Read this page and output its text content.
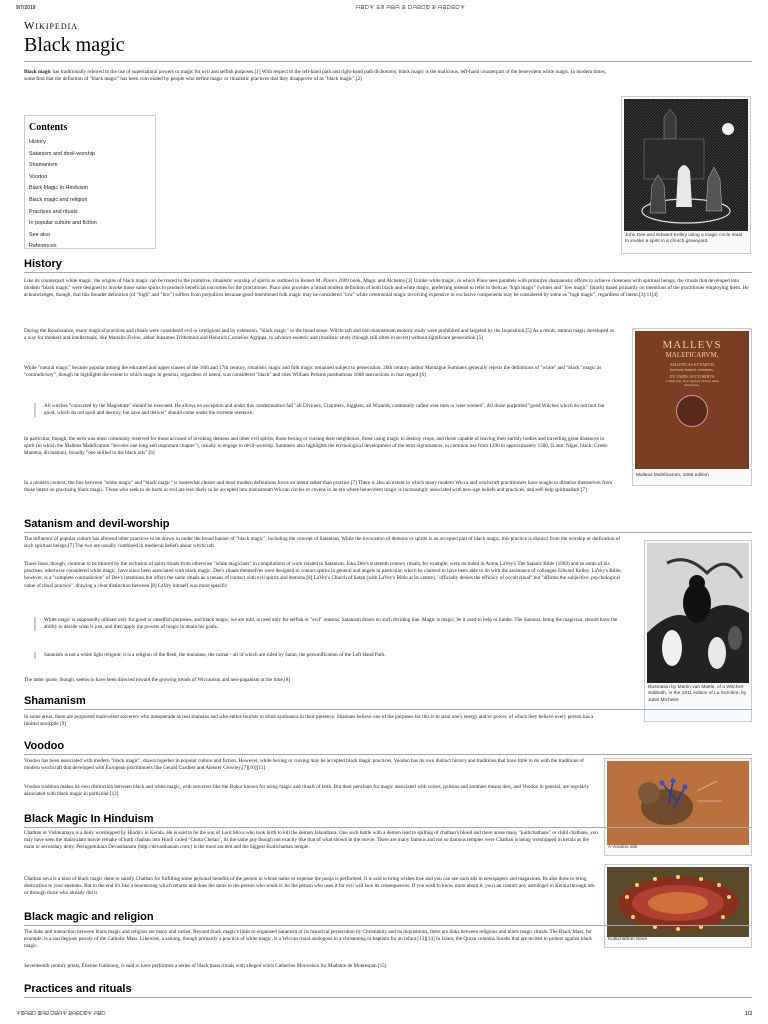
9/7/2019	ᗩᗷᗞᗐ ᗴᗰ ᗩᗷᗩ ᗿ ᗞᗩᗷᗞᗵ ᗿ ᗩᗷᗞᗷᗞᗐ
Wikipedia
Black magic
Black magic has traditionally referred to the use of supernatural powers or magic for evil and selfish purposes.[1] With respect to the left-hand path and right-hand path dichotomy, black magic is the malicious, left-hand counterpart of the benevolent white magic. In modern times, some find that the definition of "black magic" has been convoluted by people who define magic or ritualistic practices that they disapprove of as "black magic".[2]
Contents
History
Satanism and devil-worship
Shamanism
Voodoo
Black Magic In Hinduism
Black magic and religion
Practices and rituals
In popular culture and fiction
See also
References
John Dee and Edward Kelley using a magic circle ritual to invoke a spirit in a church graveyard.
History
Like its counterpart white magic, the origins of black magic can be traced to the primitive, ritualistic worship of spirits as outlined in Robert M. Place's 2009 book, Magic and Alchemy.[3] Unlike white magic, in which Place sees parallels with primitive shamanistic efforts to achieve closeness with spiritual beings, the rituals that developed into modern "black magic" were designed to invoke those same spirits to produce beneficial outcomes for the practitioner. Place also provides a broad modern definition of both black and white magic, preferring instead to refer to them as "high magic" (white) and "low magic" (black) based primarily on intentions of the practitioner employing them. He acknowledges, though, that this broader definition (of "high" and "low") suffers from prejudices because good-intentioned folk magic may be considered "low" while ceremonial magic involving expensive or exclusive components may be considered by some as "high magic", regardless of intent.[3]:11[4]
During the Renaissance, many magical practices and rituals were considered evil or irreligious and by extension, "black magic" in the broad sense. Witchcraft and non-mainstream esoteric study were prohibited and targeted by the Inquisition.[5] As a result, natural magic developed as a way for thinkers and intellectuals, like Marsilio Ficino, abbot Johannes Trithemius and Heinrich Cornelius Agrippa, to advance esoteric and ritualistic study (though still often in secret) without significant persecution.[5]
While "natural magic" became popular among the educated and upper classes of the 16th and 17th century, ritualistic magic and folk magic remained subject to persecution. 20th century author Montague Summers generally rejects the definitions of "white" and "black" magic as "contradictory", though he highlights the extent to which magic in general, regardless of intent, was considered "black" and cites William Perkins posthumous 1608 instructions in that regard:[6]
All witches "convicted by the Magistrate" should be executed. He allows no exception and under this condemnation fall "all Diviners, Charmers, Jugglers, all Wizards, commonly called wise men or wise women". All those purported "good Witches which do not hurt but good, which do not spoil and destroy, but save and deliver" should come under the extreme sentence.
In particular, though, the term was most commonly reserved for those accused of invoking demons and other evil spirits, those hexing or cursing their neighbours, those using magic to destroy crops, and those capable of leaving their earthly bodies and travelling great distances in spirit (to which the Malleus Maleficarum "devotes one long and important chapter"), usually to engage in devil-worship. Summers also highlights the etymological development of the term nigromancer, in common use from 1200 to approximately 1500, (Latin: Niger, black; Greek: Manteia, divination), broadly "one skilled in the black arts".[6]
In a modern context, the line between "white magic" and "black magic" is somewhat clearer and most modern definitions focus on intent rather than practice.[7] There is also an extent to which many modern Wicca and witchcraft practitioners have sought to distance themselves from those intent on practising black magic. Those who seek to do harm or evil are less likely to be accepted into mainstream Wiccan circles or covens in an era where benevolent magic is increasingly associated with new-age beliefs and practices, and self-help spiritualism.[7]
MALLEVS
MALEFICARVM,
MALEFICAS ET EARVM
hæresim frameâ contenens,
EX VARIIS AVCTORIBVS
compilatus, & in quatuor Tomos iuste
distributus,
Malleus Maleficarum, 1669 edition
Satanism and devil-worship
The influence of popular culture has allowed other practices to be drawn in under the broad banner of "black magic", including the concept of Satanism. While the invocation of demons or spirits is an accepted part of black magic, this practice is distinct from the worship or deification of such spiritual beings.[7] The two are usually combined in medieval beliefs about witchcraft.
Those lines, though, continue to be blurred by the inclusion of spirit rituals from otherwise "white magicians" in compilations of work related to Satanism. John Dee's sixteenth century rituals, for example, were included in Anton LaVey's The Satanic Bible (1969) and so some of his practises, otherwise considered white magic, have since been associated with black magic. Dee's rituals themselves were designed to contact spirits in general and angels in particular, which he claimed to have been able to do with the assistance of colleague Edward Kelley. LaVey's Bible, however, is a "complete contradiction" of Dee's intentions but offers the same rituals as a means of contact with evil spirits and demons.[8] LaVey's Church of Satan (with LaVey's Bible at its centre), "officially denies the efficacy of occult ritual" but "affirms the subjective, psychological value of ritual practice", drawing a clear distinction between.[8] LaVey himself was more specific:
White magic is supposedly utilised only for good or unselfish purposes, and black magic, we are told, is used only for selfish or "evil" reasons. Satanism draws no such dividing line. Magic is magic, be it used to help or hinder. The Satanist, being the magician, should have the ability to decide what is just, and then apply the powers of magic to attain his goals.
Satanism is not a white light religion; it is a religion of the flesh, the mundane, the carnal - all of which are ruled by Satan, the personification of the Left Hand Path.
The latter quote, though, seems to have been directed toward the growing trends of Wiccanism and neo-paganism at the time.[8]
Illustration by Martin van Maële, of a Witches' Sabbath, in the 1911 edition of La Sorcière, by Jules Michelet.
Shamanism
In some areas, there are purported malevolent sorcerers who masquerade as real shamans and who entice tourists to drink ayahuasca in their presence. Shamans believe one of the purposes for this is to steal one's energy and/or power, of which they believe every person has a limited stockpile.[9]
Voodoo
Voodoo has been associated with modern "black magic", drawn together in popular culture and fiction. However, while hexing or cursing may be accepted black magic practices, Voodoo has its own distinct history and traditions that have little to do with the traditions of modern witchcraft that developed with European practitioners like Gerald Gardner and Aleister Crowley.[7][10][11]
Voodoo tradition makes its own distinction between black and white magic, with sorcerers like the Bokor known for using magic and rituals of both. But their penchant for magic associated with curses, poisons and zombies means they, and Voodoo in general, are regularly associated with black magic in particular.[12]
A Voodoo doll.
Black Magic In Hinduism
Chathan or Vishnumaya is a deity worshipped by Hindu's in Kerala. He is said to be the son of Lord Shiva who took birth to kill the demon Jalandhara. One such battle with a demon lead to spilling of chathan's blood and there arose many "kuttichathans" or child chathans, you may have seen the malayalam movie remake of kutti chathan into Hindi called "Chota Chetan", its the same guy though not exactly like that of what shown in the movie. There are many famous and not so damous temples were Chathan is being worshipped in kerala as the main or secondary deity. Peringottukara Devasthanam (http://devasthanam.com/) is the most ancient and the biggest Kuttichathan temple.
Chathan seva is a kind of black magic done to satisfy Chathan for fulfilling some personal benefits of the person in whose name or expense the pooja is performed. It is said to bring wishes true and you can see such ads in newspapers and magazines. Its also done to bring destruction to your enemies. But in the end it's like a boomerang which returns and does the same to the person who sends it. So the person who uses it for evil will face its consequences. If you wish to know more about it, you can contact any astrologer in Kerala through ads or through those who already did it.
Kuttichathan Seva
Black magic and religion
The links and interaction between black magic and religion are many and varied. Beyond black magic's links to organised Satanism or its historical persecution by Christianity and its inquisitions, there are links between religious and black magic rituals. The Black Mass, for example, is a sacrilegious parody of the Catholic Mass. Likewise, a saining, though primarily a practice of white magic, is a Wiccan ritual analogous to a christening or baptism for an infant.[13][14] In Islam, the Quran contains Surahs that are recited to protect against black magic.
Seventeenth century priest, Étienne Guibourg, is said to have performed a series of black mass rituals with alleged witch Catherine Monvoisin for Madame de Montespan.[15]
Practices and rituals
ᗐᗵᗩᗷᗞ ᗵᗩᗷ ᗞᗷᗩᗐ ᗿᗩᗷᗞᗵᗐ ᗩᗷᗞ	1/3
